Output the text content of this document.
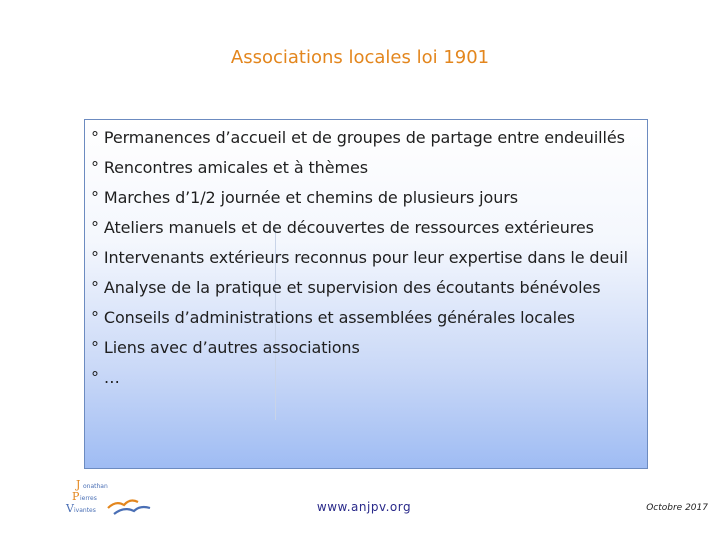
Associations locales loi 1901
° Permanences d’accueil et de groupes de partage entre endeuillés
° Rencontres amicales et à thèmes
° Marches d’1/2 journée et chemins de plusieurs jours
° Ateliers manuels et de découvertes de ressources extérieures
° Intervenants extérieurs reconnus pour leur expertise dans le deuil
° Analyse de la pratique et supervision des écoutants bénévoles
° Conseils d’administrations et assemblées générales locales
° Liens avec d’autres associations
° …
J onathan
P ierres
V ivantes	www.anjpv.org	Octobre 2017
